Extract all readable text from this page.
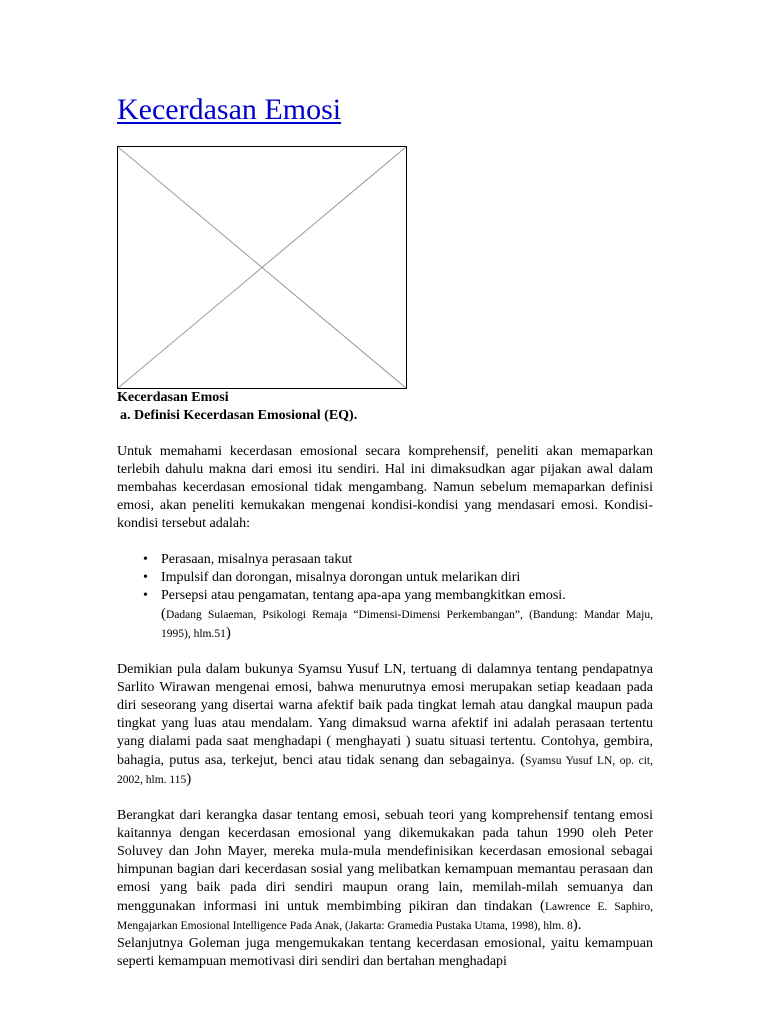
Kecerdasan Emosi

Kecerdasan Emosi

a. Definisi Kecerdasan Emosional (EQ).

Untuk memahami kecerdasan emosional secara komprehensif, peneliti akan memaparkan terlebih dahulu makna dari emosi itu sendiri. Hal ini dimaksudkan agar pijakan awal dalam membahas kecerdasan emosional tidak mengambang. Namun sebelum memaparkan definisi emosi, akan peneliti kemukakan mengenai kondisi-kondisi yang mendasari emosi. Kondisi-kondisi tersebut adalah:

• Perasaan, misalnya perasaan takut
• Impulsif dan dorongan, misalnya dorongan untuk melarikan diri
• Persepsi atau pengamatan, tentang apa-apa yang membangkitkan emosi.
(Dadang Sulaeman, Psikologi Remaja “Dimensi-Dimensi Perkembangan”, (Bandung: Mandar Maju, 1995), hlm.51)

Demikian pula dalam bukunya Syamsu Yusuf LN, tertuang di dalamnya tentang pendapatnya Sarlito Wirawan mengenai emosi, bahwa menurutnya emosi merupakan setiap keadaan pada diri seseorang yang disertai warna afektif baik pada tingkat lemah atau dangkal maupun pada tingkat yang luas atau mendalam. Yang dimaksud warna afektif ini adalah perasaan tertentu yang dialami pada saat menghadapi ( menghayati ) suatu situasi tertentu. Contohya, gembira, bahagia, putus asa, terkejut, benci atau tidak senang dan sebagainya. (Syamsu Yusuf LN, op. cit, 2002, hlm. 115)

Berangkat dari kerangka dasar tentang emosi, sebuah teori yang komprehensif tentang emosi kaitannya dengan kecerdasan emosional yang dikemukakan pada tahun 1990 oleh Peter Soluvey dan John Mayer, mereka mula-mula mendefinisikan kecerdasan emosional sebagai himpunan bagian dari kecerdasan sosial yang melibatkan kemampuan memantau perasaan dan emosi yang baik pada diri sendiri maupun orang lain, memilah-milah semuanya dan menggunakan informasi ini untuk membimbing pikiran dan tindakan (Lawrence E. Saphiro, Mengajarkan Emosional Intelligence Pada Anak, (Jakarta: Gramedia Pustaka Utama, 1998), hlm. 8).

Selanjutnya Goleman juga mengemukakan tentang kecerdasan emosional, yaitu kemampuan seperti kemampuan memotivasi diri sendiri dan bertahan menghadapi
